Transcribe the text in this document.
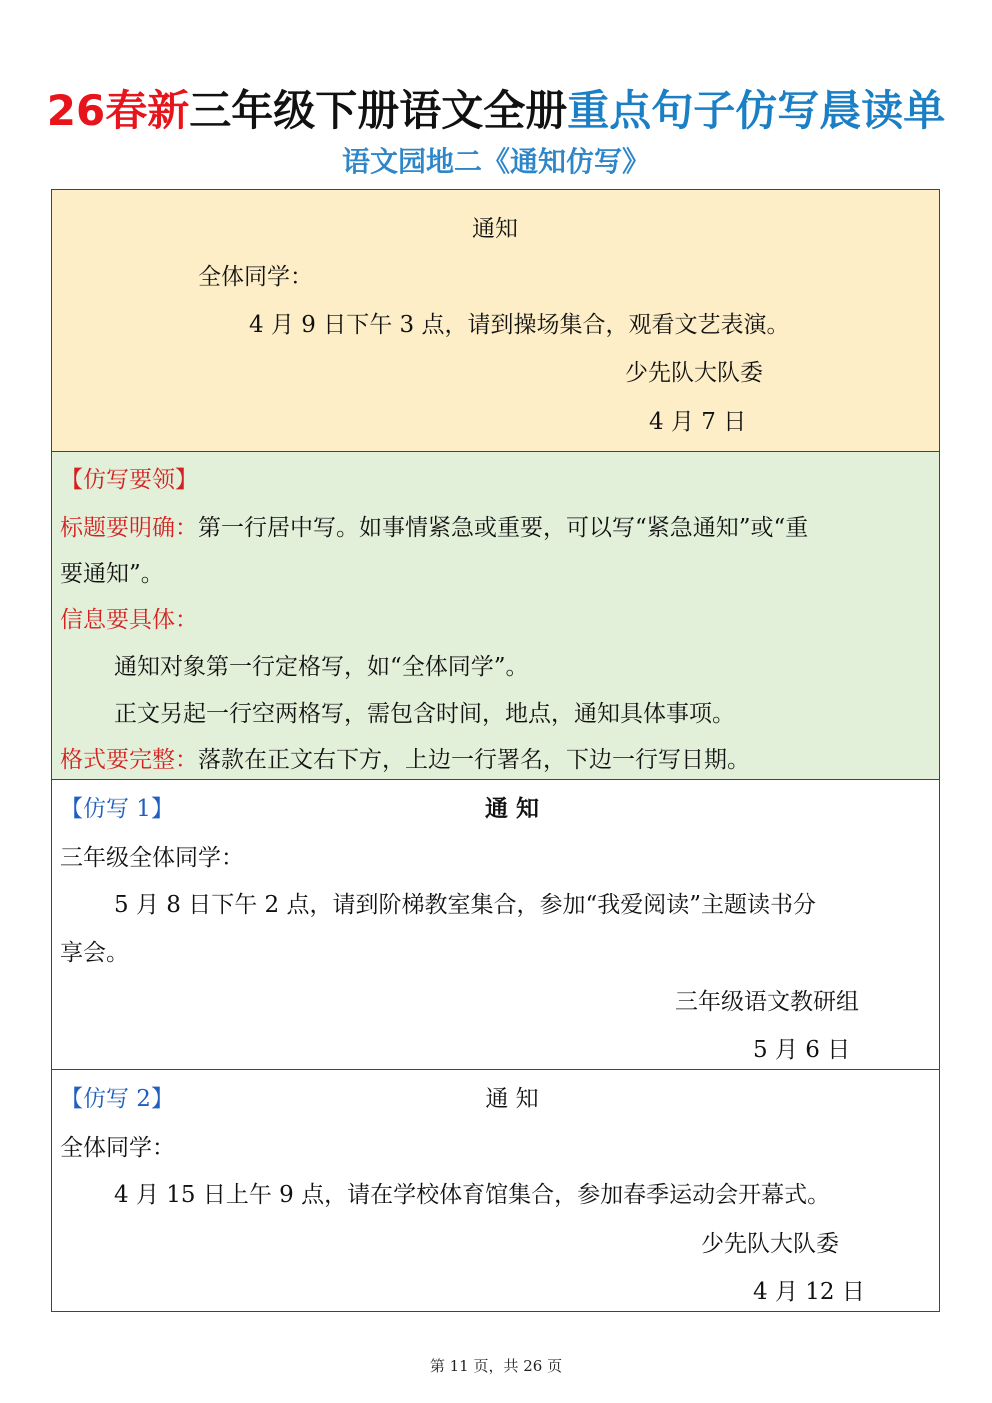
26春新三年级下册语文全册重点句子仿写晨读单
语文园地二《通知仿写》
通知
全体同学：
4 月 9 日下午 3 点，请到操场集合，观看文艺表演。
少先队大队委
4 月 7 日
【仿写要领】
标题要明确：第一行居中写。如事情紧急或重要，可以写“紧急通知”或“重
要通知”。
信息要具体：
通知对象第一行定格写，如“全体同学”。
正文另起一行空两格写，需包含时间，地点，通知具体事项。
格式要完整：落款在正文右下方，上边一行署名，下边一行写日期。
【仿写 1】	通 知
三年级全体同学：
5 月 8 日下午 2 点，请到阶梯教室集合，参加“我爱阅读”主题读书分
享会。
三年级语文教研组
5 月 6 日
【仿写 2】	通 知
全体同学：
4 月 15 日上午 9 点，请在学校体育馆集合，参加春季运动会开幕式。
少先队大队委
4 月 12 日
第 11 页，共 26 页
